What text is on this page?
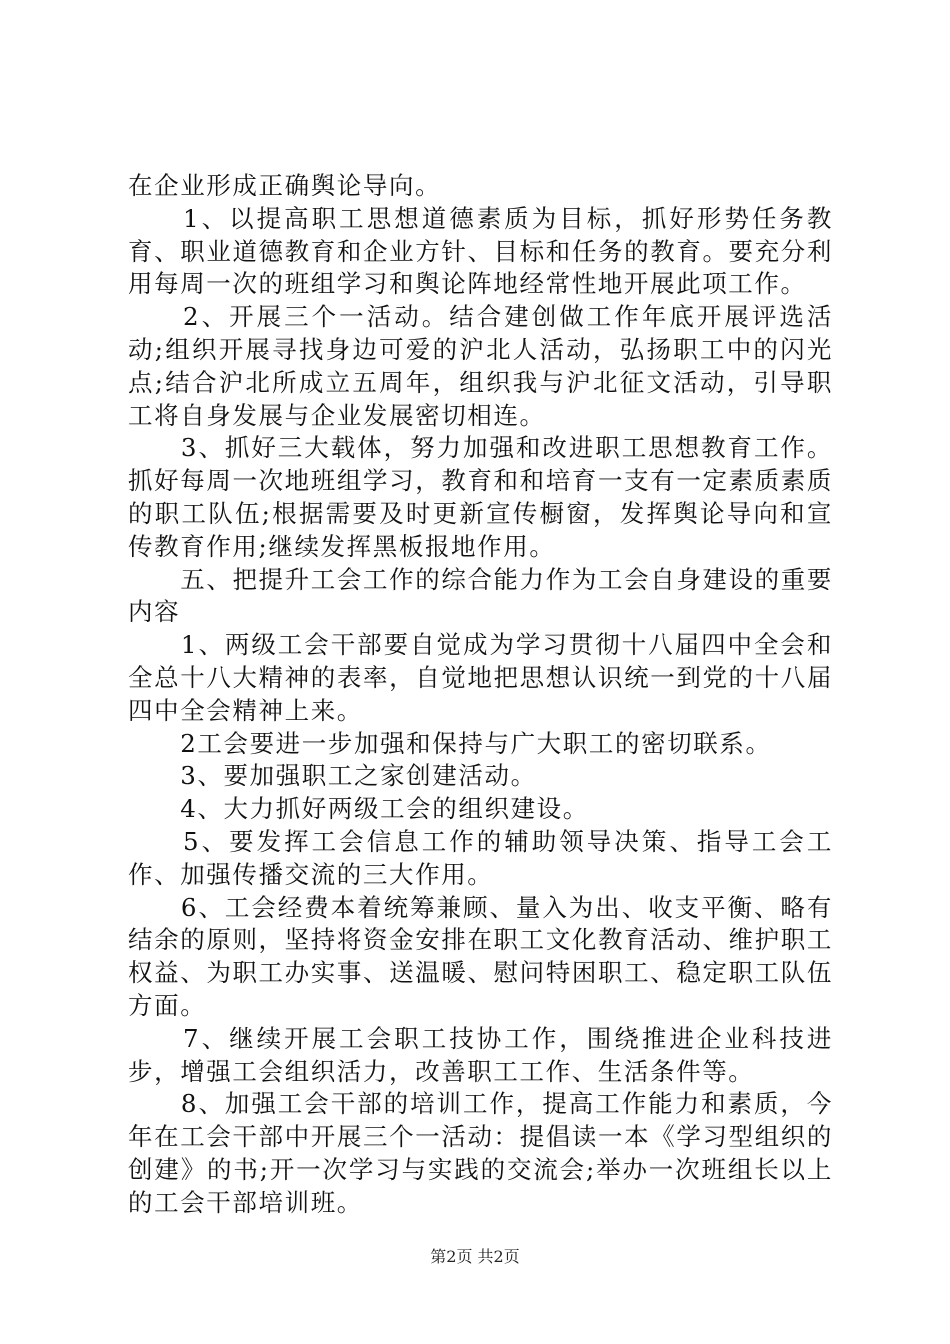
在企业形成正确舆论导向。

　　1、以提高职工思想道德素质为目标，抓好形势任务教育、职业道德教育和企业方针、目标和任务的教育。要充分利用每周一次的班组学习和舆论阵地经常性地开展此项工作。

　　2、开展三个一活动。结合建创做工作年底开展评选活动;组织开展寻找身边可爱的沪北人活动，弘扬职工中的闪光点;结合沪北所成立五周年，组织我与沪北征文活动，引导职工将自身发展与企业发展密切相连。

　　3、抓好三大载体，努力加强和改进职工思想教育工作。抓好每周一次地班组学习，教育和和培育一支有一定素质素质的职工队伍;根据需要及时更新宣传橱窗，发挥舆论导向和宣传教育作用;继续发挥黑板报地作用。

　　五、把提升工会工作的综合能力作为工会自身建设的重要内容

　　1、两级工会干部要自觉成为学习贯彻十八届四中全会和全总十八大精神的表率，自觉地把思想认识统一到党的十八届四中全会精神上来。

　　2工会要进一步加强和保持与广大职工的密切联系。

　　3、要加强职工之家创建活动。

　　4、大力抓好两级工会的组织建设。

　　5、要发挥工会信息工作的辅助领导决策、指导工会工作、加强传播交流的三大作用。

　　6、工会经费本着统筹兼顾、量入为出、收支平衡、略有结余的原则，坚持将资金安排在职工文化教育活动、维护职工权益、为职工办实事、送温暖、慰问特困职工、稳定职工队伍方面。

　　7、继续开展工会职工技协工作，围绕推进企业科技进步，增强工会组织活力，改善职工工作、生活条件等。

　　8、加强工会干部的培训工作，提高工作能力和素质，今年在工会干部中开展三个一活动：提倡读一本《学习型组织的创建》的书;开一次学习与实践的交流会;举办一次班组长以上的工会干部培训班。

第2页 共2页
